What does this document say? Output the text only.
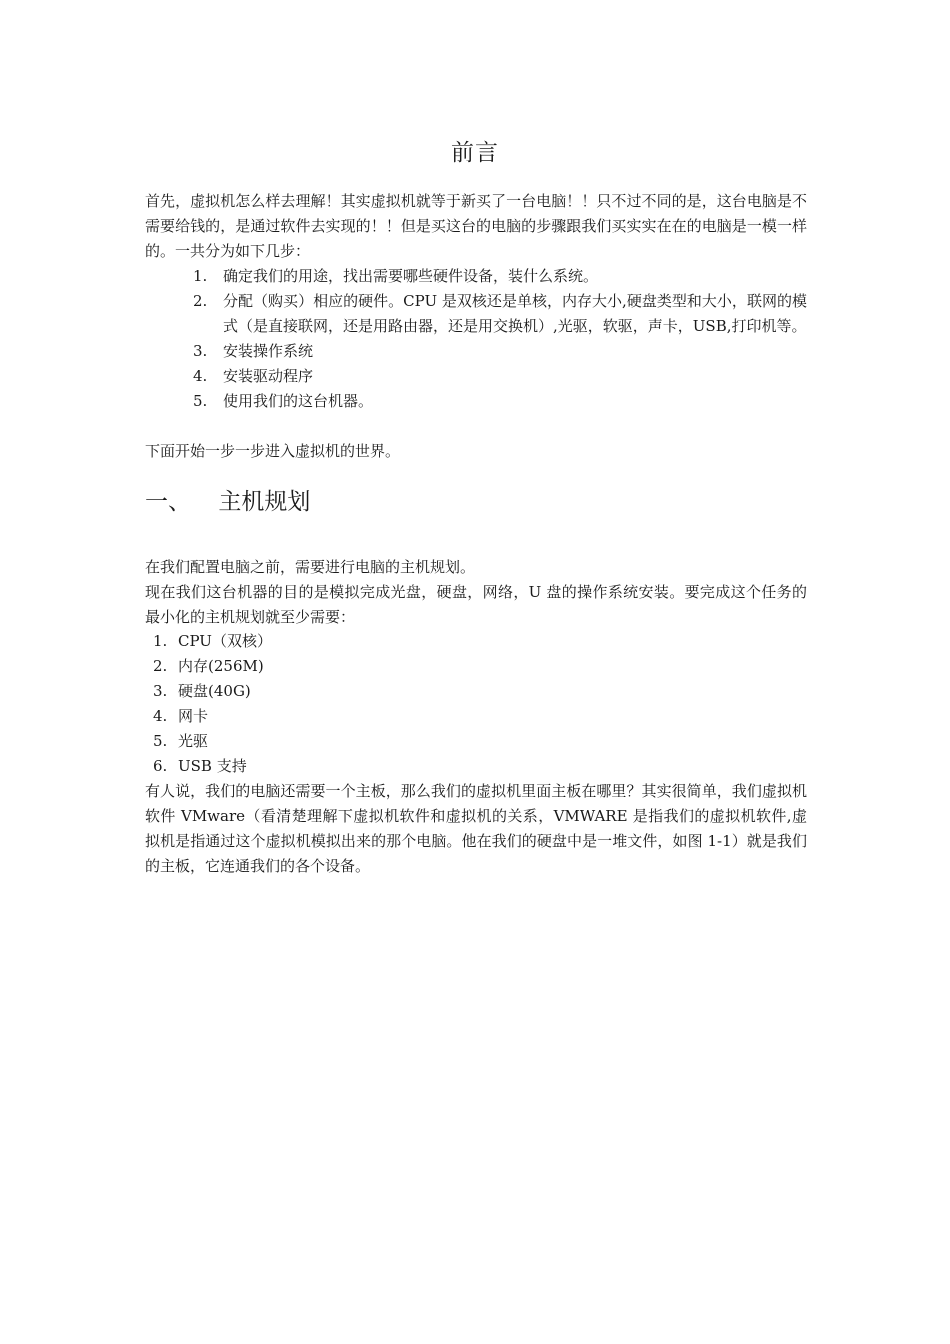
前言
首先，虚拟机怎么样去理解！其实虚拟机就等于新买了一台电脑！！只不过不同的是，这台电脑是不需要给钱的，是通过软件去实现的！！但是买这台的电脑的步骤跟我们买实实在在的电脑是一模一样的。一共分为如下几步：
1. 确定我们的用途，找出需要哪些硬件设备，装什么系统。
2. 分配（购买）相应的硬件。CPU 是双核还是单核，内存大小,硬盘类型和大小，联网的模式（是直接联网，还是用路由器，还是用交换机）,光驱，软驱，声卡，USB,打印机等。
3. 安装操作系统
4. 安装驱动程序
5. 使用我们的这台机器。
下面开始一步一步进入虚拟机的世界。
一、 主机规划
在我们配置电脑之前，需要进行电脑的主机规划。
现在我们这台机器的目的是模拟完成光盘，硬盘，网络，U 盘的操作系统安装。要完成这个任务的最小化的主机规划就至少需要：
1. CPU（双核）
2. 内存(256M)
3. 硬盘(40G)
4. 网卡
5. 光驱
6. USB 支持
有人说，我们的电脑还需要一个主板，那么我们的虚拟机里面主板在哪里？其实很简单，我们虚拟机软件 VMware（看清楚理解下虚拟机软件和虚拟机的关系，VMWARE 是指我们的虚拟机软件,虚拟机是指通过这个虚拟机模拟出来的那个电脑。他在我们的硬盘中是一堆文件，如图 1-1）就是我们的主板，它连通我们的各个设备。
